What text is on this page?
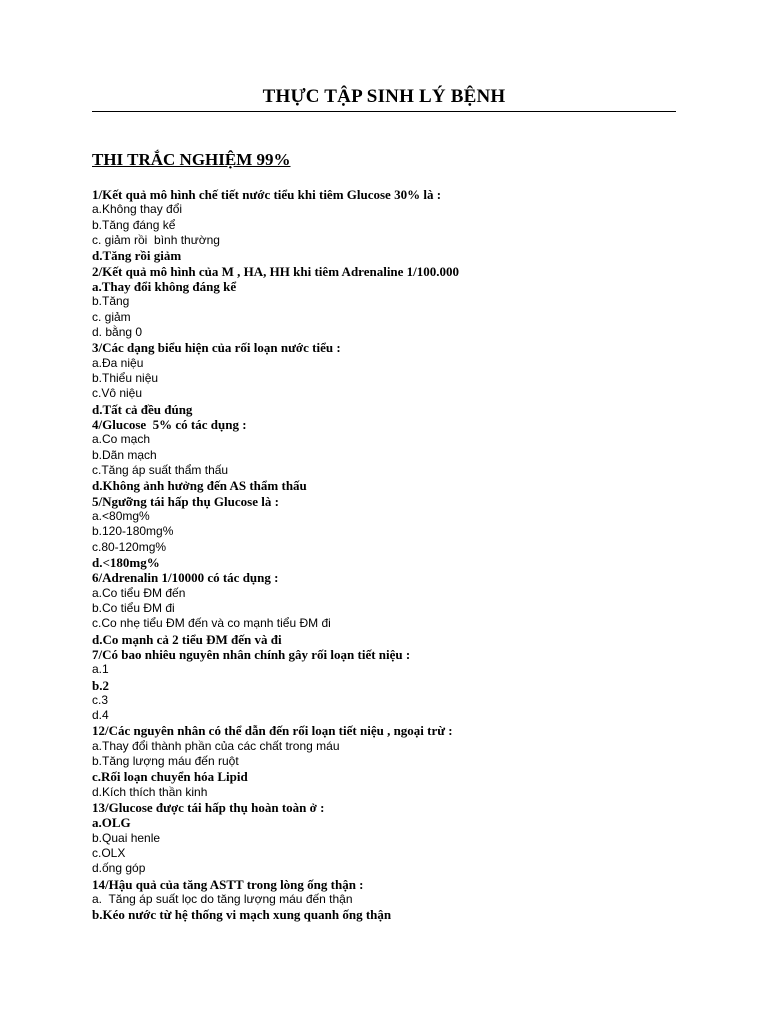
THỰC TẬP SINH LÝ BỆNH
THI TRẮC NGHIỆM 99%
1/Kết quả mô hình chế tiết nước tiểu khi tiêm Glucose 30% là :
a.Không thay đổi
b.Tăng đáng kể
c. giảm rồi  bình thường
d.Tăng rồi giảm
2/Kết quả mô hình của M , HA, HH khi tiêm Adrenaline 1/100.000
a.Thay đổi không đáng kể
b.Tăng
c. giảm
d. bằng 0
3/Các dạng biểu hiện của rối loạn nước tiểu :
a.Đa niệu
b.Thiểu niệu
c.Vô niệu
d.Tất cả đều đúng
4/Glucose  5% có tác dụng :
a.Co mạch
b.Dãn mạch
c.Tăng áp suất thẩm thấu
d.Không ảnh hưởng đến AS thẩm thấu
5/Ngưỡng tái hấp thụ Glucose là :
a.<80mg%
b.120-180mg%
c.80-120mg%
d.<180mg%
6/Adrenalin 1/10000 có tác dụng :
a.Co tiểu ĐM đến
b.Co tiểu ĐM đi
c.Co nhẹ tiểu ĐM đến và co mạnh tiểu ĐM đi
d.Co mạnh cả 2 tiểu ĐM đến và đi
7/Có bao nhiêu nguyên nhân chính gây rối loạn tiết niệu :
a.1
b.2
c.3
d.4
12/Các nguyên nhân có thể dẫn đến rối loạn tiết niệu , ngoại trừ :
a.Thay đổi thành phần của các chất trong máu
b.Tăng lượng máu đến ruột
c.Rối loạn chuyển hóa Lipid
d.Kích thích thần kinh
13/Glucose được tái hấp thụ hoàn toàn ở :
a.OLG
b.Quai henle
c.OLX
d.ống góp
14/Hậu quả của tăng ASTT trong lòng ống thận :
a.  Tăng áp suất lọc do tăng lượng máu đến thận
b.Kéo nước từ hệ thống vi mạch xung quanh ống thận
